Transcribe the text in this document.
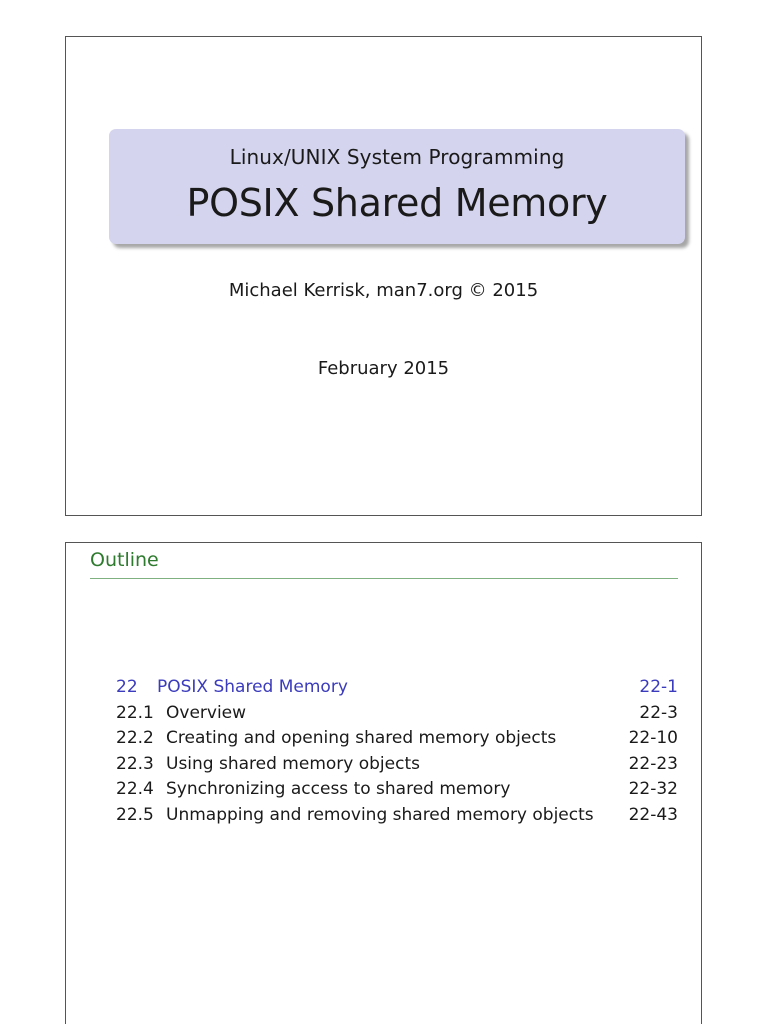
Linux/UNIX System Programming
POSIX Shared Memory
Michael Kerrisk, man7.org © 2015
February 2015
Outline
22 POSIX Shared Memory	22-1
22.1 Overview	22-3
22.2 Creating and opening shared memory objects	22-10
22.3 Using shared memory objects	22-23
22.4 Synchronizing access to shared memory	22-32
22.5 Unmapping and removing shared memory objects 22-43
